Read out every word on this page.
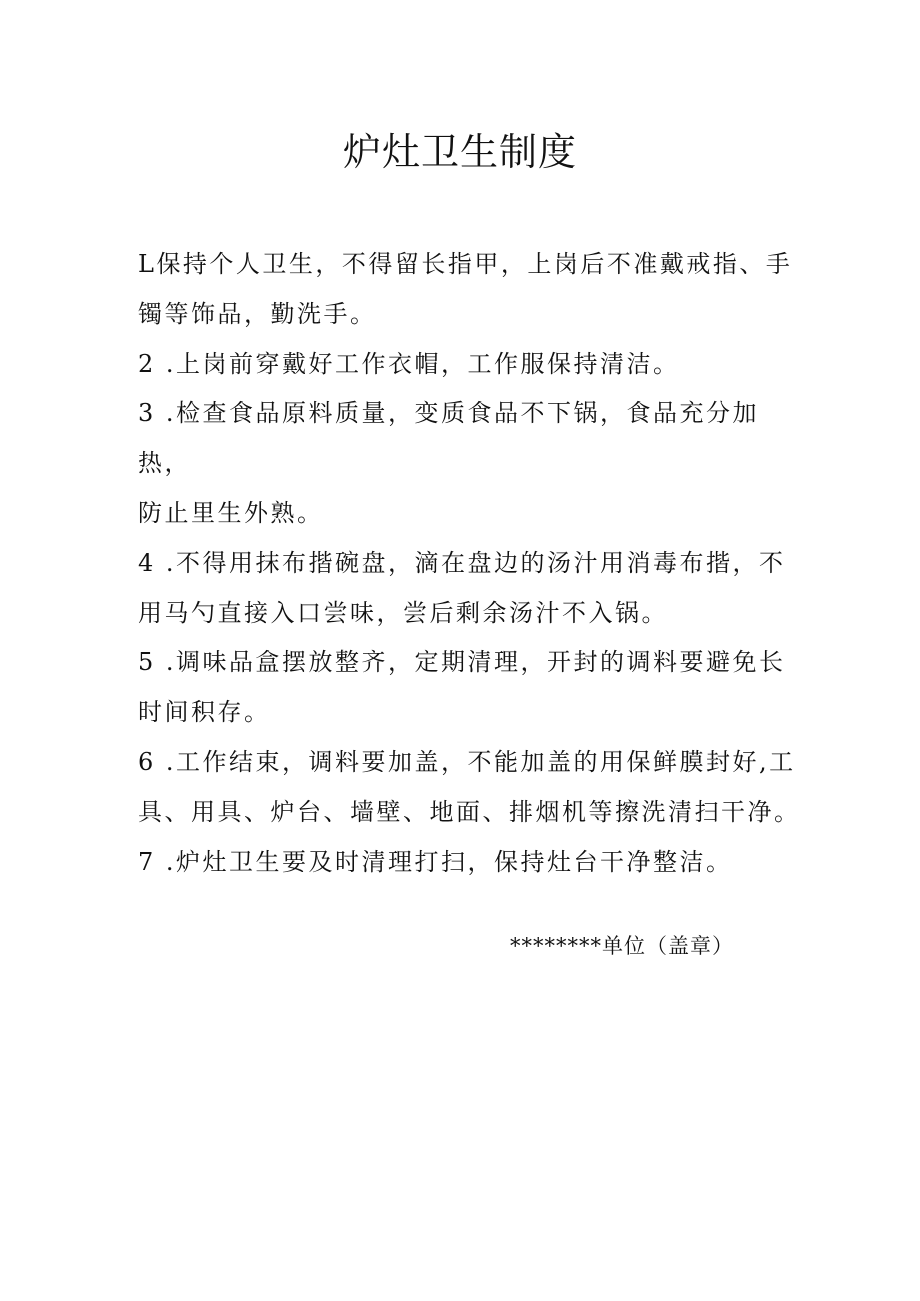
炉灶卫生制度
L保持个人卫生，不得留长指甲，上岗后不准戴戒指、手
镯等饰品，勤洗手。
2 .上岗前穿戴好工作衣帽，工作服保持清洁。
3 .检查食品原料质量，变质食品不下锅，食品充分加热，
防止里生外熟。
4 .不得用抹布揩碗盘，滴在盘边的汤汁用消毒布揩，不
用马勺直接入口尝味，尝后剩余汤汁不入锅。
5 .调味品盒摆放整齐，定期清理，开封的调料要避免长
时间积存。
6 .工作结束，调料要加盖，不能加盖的用保鲜膜封好,工
具、用具、炉台、墙壁、地面、排烟机等擦洗清扫干净。
7 .炉灶卫生要及时清理打扫，保持灶台干净整洁。
********单位（盖章）
